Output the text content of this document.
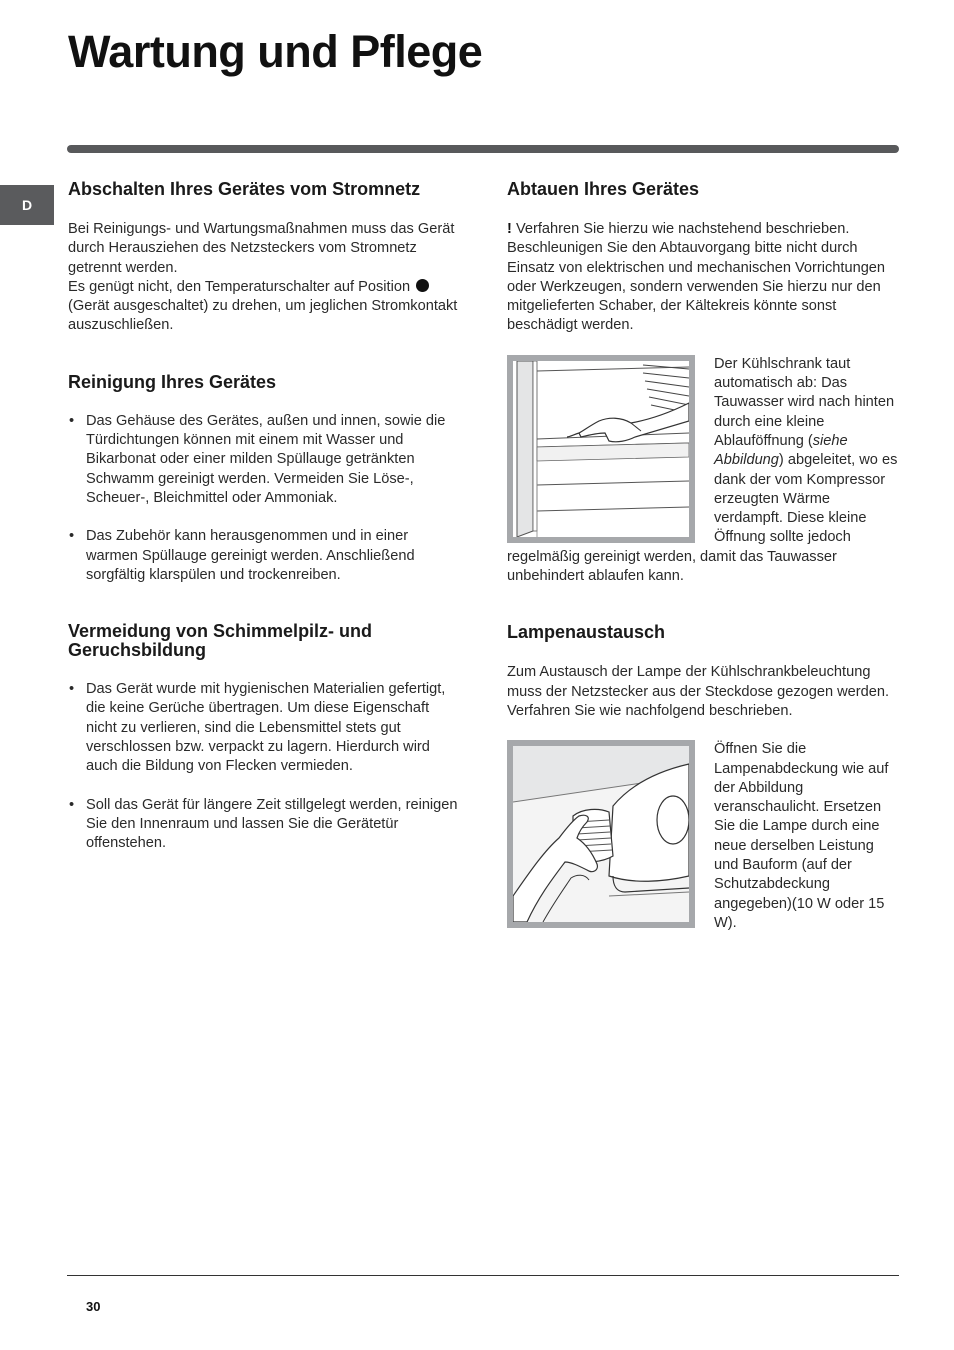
Wartung und Pflege
D
Abschalten Ihres Gerätes vom Stromnetz

Bei Reinigungs- und Wartungsmaßnahmen muss das Gerät durch Herausziehen des Netzsteckers vom Stromnetz getrennt werden.

Es genügt nicht, den Temperaturschalter auf Position  (Gerät ausgeschaltet) zu drehen, um jeglichen Stromkontakt auszuschließen.

Reinigung Ihres Gerätes
• Das Gehäuse des Gerätes, außen und innen, sowie die Türdichtungen können mit einem mit Wasser und Bikarbonat oder einer milden Spüllauge getränkten Schwamm gereinigt werden. Vermeiden Sie Löse-, Scheuer-, Bleichmittel oder Ammoniak.
• Das Zubehör kann herausgenommen und in einer warmen Spüllauge gereinigt werden. Anschließend sorgfältig klarspülen und trockenreiben.
Vermeidung von Schimmelpilz- und Geruchsbildung
• Das Gerät wurde mit hygienischen Materialien gefertigt, die keine Gerüche übertragen. Um diese Eigenschaft nicht zu verlieren, sind die Lebensmittel stets gut verschlossen bzw. verpackt zu lagern. Hierdurch wird auch die Bildung von Flecken vermieden.
• Soll das Gerät für längere Zeit stillgelegt werden, reinigen Sie den Innenraum und lassen Sie die Gerätetür offenstehen.
Abtauen Ihres Gerätes

! Verfahren Sie hierzu wie nachstehend beschrieben. Beschleunigen Sie den Abtauvorgang bitte nicht durch Einsatz von elektrischen und mechanischen Vorrichtungen oder Werkzeugen, sondern verwenden Sie hierzu nur den mitgelieferten Schaber, der Kältekreis könnte sonst beschädigt werden.

Der Kühlschrank taut automatisch ab: Das Tauwasser wird nach hinten durch eine kleine Ablauföffnung (siehe Abbildung) abgeleitet, wo es dank der vom Kompressor erzeugten Wärme verdampft. Diese kleine Öffnung sollte jedoch regelmäßig gereinigt werden, damit das Tauwasser unbehindert ablaufen kann.

Lampenaustausch

Zum Austausch der Lampe der Kühlschrankbeleuchtung muss der Netzstecker aus der Steckdose gezogen werden. Verfahren Sie wie nachfolgend beschrieben.

Öffnen Sie die Lampenabdeckung wie auf der Abbildung veranschaulicht. Ersetzen Sie die Lampe durch eine neue derselben Leistung und Bauform (auf der Schutzabdeckung angegeben)(10 W oder 15 W).

30
